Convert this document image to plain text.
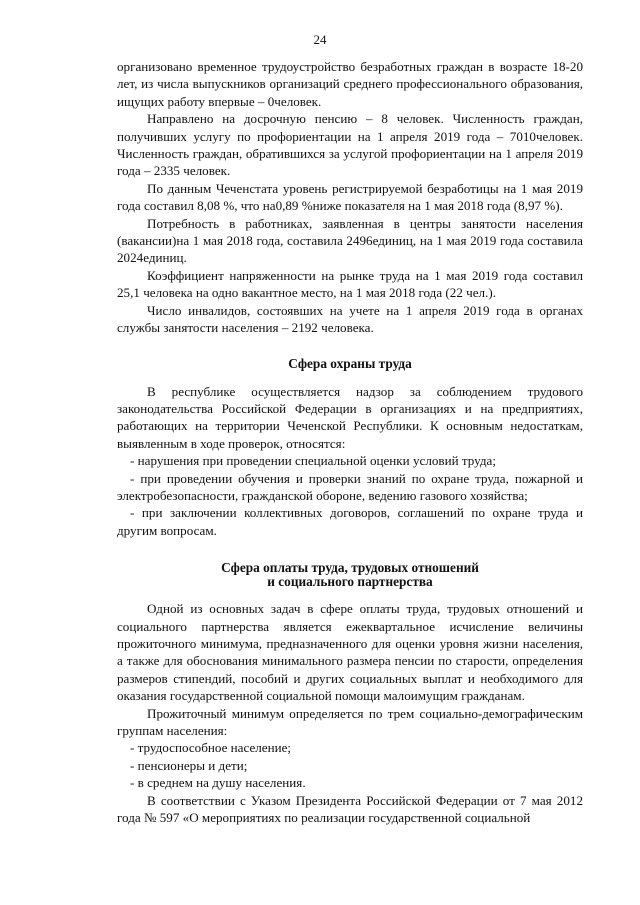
24

организовано временное трудоустройство безработных граждан в возрасте 18-20 лет, из числа выпускников организаций среднего профессионального образования, ищущих работу впервые – 0человек.

Направлено на досрочную пенсию – 8 человек. Численность граждан, получивших услугу по профориентации на 1 апреля 2019 года – 7010человек. Численность граждан, обратившихся за услугой профориентации на 1 апреля 2019 года – 2335 человек.

По данным Чеченстата уровень регистрируемой безработицы на 1 мая 2019 года составил 8,08 %, что на0,89 %ниже показателя на 1 мая 2018 года (8,97 %).

Потребность в работниках, заявленная в центры занятости населения (вакансии)на 1 мая 2018 года, составила 2496единиц, на 1 мая 2019 года составила 2024единиц.

Коэффициент напряженности на рынке труда на 1 мая 2019 года составил 25,1 человека на одно вакантное место, на 1 мая 2018 года (22 чел.).

Число инвалидов, состоявших на учете на 1 апреля 2019 года в органах службы занятости населения – 2192 человека.

Сфера охраны труда

В республике осуществляется надзор за соблюдением трудового законодательства Российской Федерации в организациях и на предприятиях, работающих на территории Чеченской Республики. К основным недостаткам, выявленным в ходе проверок, относятся:

- нарушения при проведении специальной оценки условий труда;

- при проведении обучения и проверки знаний по охране труда, пожарной и электробезопасности, гражданской обороне, ведению газового хозяйства;

- при заключении коллективных договоров, соглашений по охране труда и другим вопросам.

Сфера оплаты труда, трудовых отношений
и социального партнерства

Одной из основных задач в сфере оплаты труда, трудовых отношений и социального партнерства является ежеквартальное исчисление величины прожиточного минимума, предназначенного для оценки уровня жизни населения, а также для обоснования минимального размера пенсии по старости, определения размеров стипендий, пособий и других социальных выплат и необходимого для оказания государственной социальной помощи малоимущим гражданам.

Прожиточный минимум определяется по трем социально-демографическим группам населения:

- трудоспособное население;

- пенсионеры и дети;

- в среднем на душу населения.

В соответствии с Указом Президента Российской Федерации от 7 мая 2012 года № 597 «О мероприятиях по реализации государственной социальной
